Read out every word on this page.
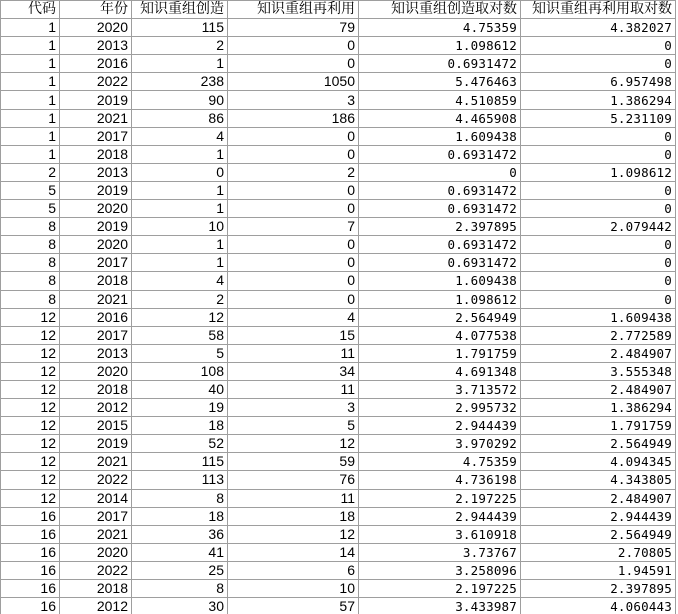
代码	年份	知识重组创造	知识重组再利用	知识重组创造取对数	知识重组再利用取对数
1	2020	115	79	4.75359	4.382027
1	2013	2	0	1.098612	0
1	2016	1	0	0.6931472	0
1	2022	238	1050	5.476463	6.957498
1	2019	90	3	4.510859	1.386294
1	2021	86	186	4.465908	5.231109
1	2017	4	0	1.609438	0
1	2018	1	0	0.6931472	0
2	2013	0	2	0	1.098612
5	2019	1	0	0.6931472	0
5	2020	1	0	0.6931472	0
8	2019	10	7	2.397895	2.079442
8	2020	1	0	0.6931472	0
8	2017	1	0	0.6931472	0
8	2018	4	0	1.609438	0
8	2021	2	0	1.098612	0
12	2016	12	4	2.564949	1.609438
12	2017	58	15	4.077538	2.772589
12	2013	5	11	1.791759	2.484907
12	2020	108	34	4.691348	3.555348
12	2018	40	11	3.713572	2.484907
12	2012	19	3	2.995732	1.386294
12	2015	18	5	2.944439	1.791759
12	2019	52	12	3.970292	2.564949
12	2021	115	59	4.75359	4.094345
12	2022	113	76	4.736198	4.343805
12	2014	8	11	2.197225	2.484907
16	2017	18	18	2.944439	2.944439
16	2021	36	12	3.610918	2.564949
16	2020	41	14	3.73767	2.70805
16	2022	25	6	3.258096	1.94591
16	2018	8	10	2.197225	2.397895
16	2012	30	57	3.433987	4.060443
